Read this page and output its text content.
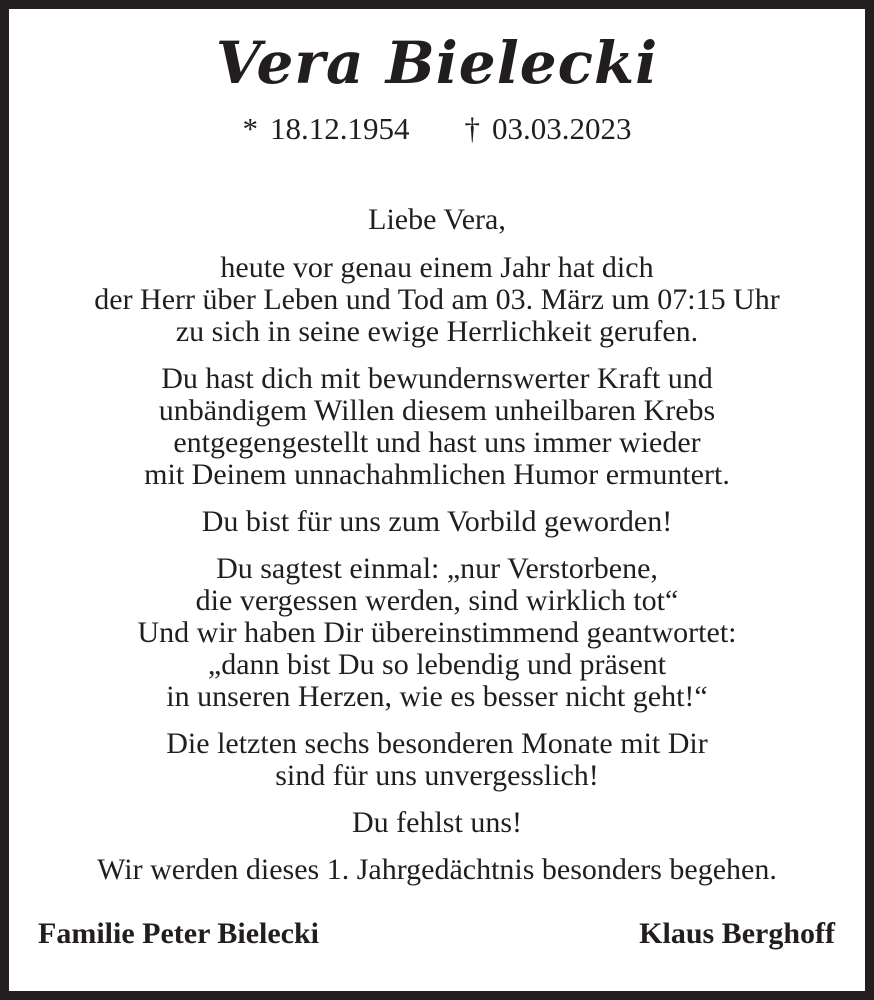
Vera Bielecki
* 18.12.1954 † 03.03.2023
Liebe Vera,
heute vor genau einem Jahr hat dich
der Herr über Leben und Tod am 03. März um 07:15 Uhr
zu sich in seine ewige Herrlichkeit gerufen.
Du hast dich mit bewundernswerter Kraft und
unbändigem Willen diesem unheilbaren Krebs
entgegengestellt und hast uns immer wieder
mit Deinem unnachahmlichen Humor ermuntert.
Du bist für uns zum Vorbild geworden!
Du sagtest einmal: „nur Verstorbene,
die vergessen werden, sind wirklich tot“
Und wir haben Dir übereinstimmend geantwortet:
„dann bist Du so lebendig und präsent
in unseren Herzen, wie es besser nicht geht!“
Die letzten sechs besonderen Monate mit Dir
sind für uns unvergesslich!
Du fehlst uns!
Wir werden dieses 1. Jahrgedächtnis besonders begehen.
Familie Peter Bielecki	Klaus Berghoff
